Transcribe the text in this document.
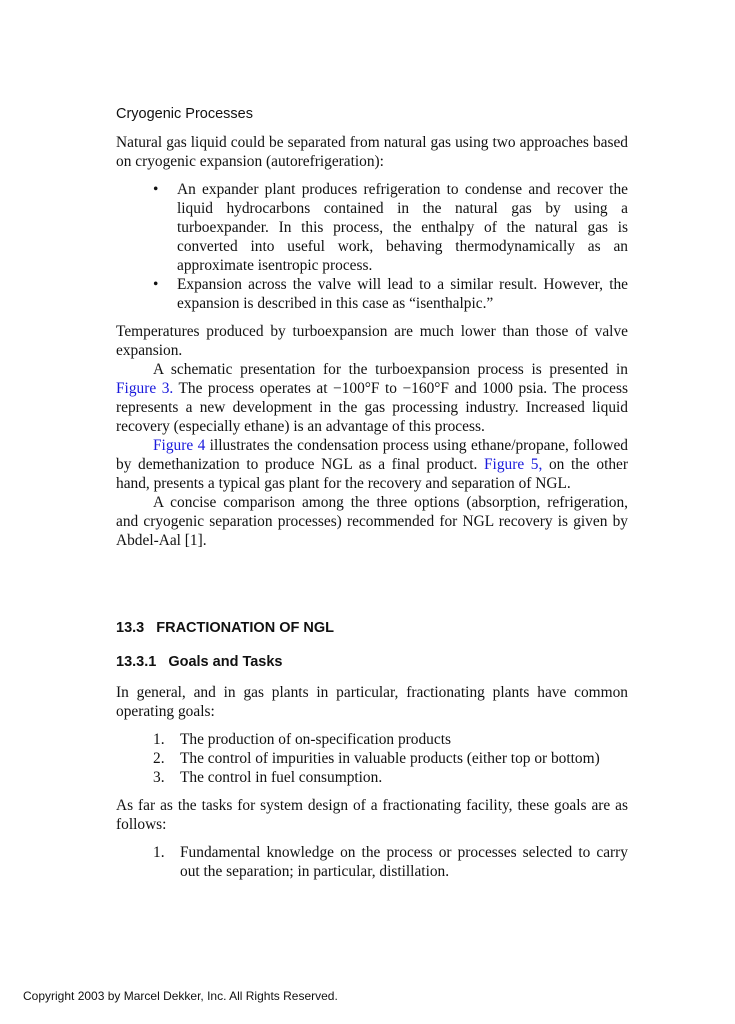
Cryogenic Processes

Natural gas liquid could be separated from natural gas using two approaches based on cryogenic expansion (autorefrigeration):

• An expander plant produces refrigeration to condense and recover the liquid hydrocarbons contained in the natural gas by using a turboexpander. In this process, the enthalpy of the natural gas is converted into useful work, behaving thermodynamically as an approximate isentropic process.
• Expansion across the valve will lead to a similar result. However, the expansion is described in this case as “isenthalpic.”

Temperatures produced by turboexpansion are much lower than those of valve expansion.

A schematic presentation for the turboexpansion process is presented in Figure 3. The process operates at −100°F to −160°F and 1000 psia. The process represents a new development in the gas processing industry. Increased liquid recovery (especially ethane) is an advantage of this process.

Figure 4 illustrates the condensation process using ethane/propane, followed by demethanization to produce NGL as a final product. Figure 5, on the other hand, presents a typical gas plant for the recovery and separation of NGL.

A concise comparison among the three options (absorption, refrigeration, and cryogenic separation processes) recommended for NGL recovery is given by Abdel-Aal [1].

13.3 FRACTIONATION OF NGL
13.3.1 Goals and Tasks

In general, and in gas plants in particular, fractionating plants have common operating goals:

1. The production of on-specification products
2. The control of impurities in valuable products (either top or bottom)
3. The control in fuel consumption.

As far as the tasks for system design of a fractionating facility, these goals are as follows:

1. Fundamental knowledge on the process or processes selected to carry out the separation; in particular, distillation.
Copyright 2003 by Marcel Dekker, Inc. All Rights Reserved.
